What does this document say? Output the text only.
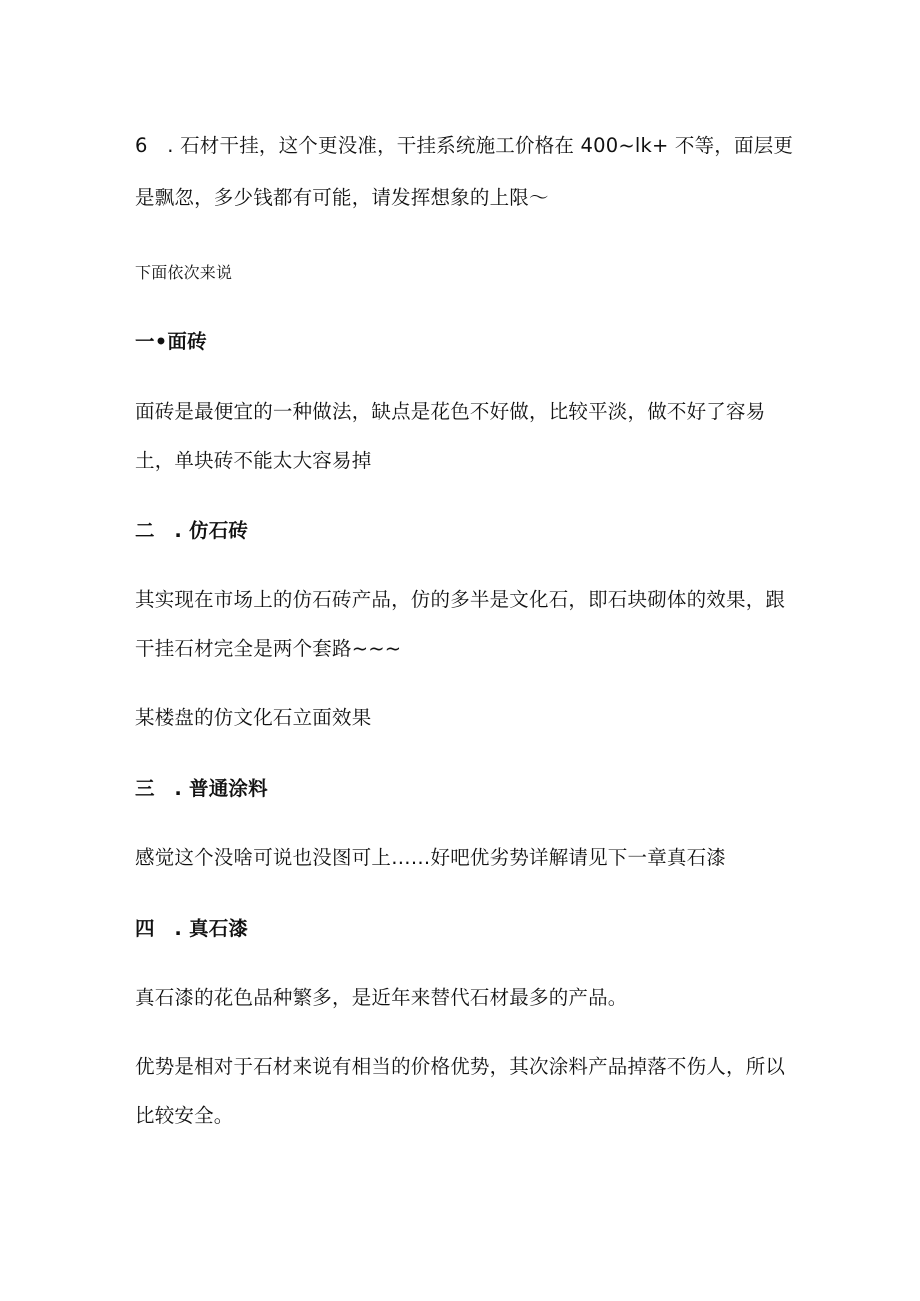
6　. 石材干挂，这个更没准，干挂系统施工价格在 400~lk+ 不等，面层更
是飘忽，多少钱都有可能，请发挥想象的上限～
下面依次来说
一•面砖
面砖是最便宜的一种做法，缺点是花色不好做，比较平淡，做不好了容易
土，单块砖不能太大容易掉
二　. 仿石砖
其实现在市场上的仿石砖产品，仿的多半是文化石，即石块砌体的效果，跟
干挂石材完全是两个套路~~~
某楼盘的仿文化石立面效果
三　. 普通涂料
感觉这个没啥可说也没图可上……好吧优劣势详解请见下一章真石漆
四　. 真石漆
真石漆的花色品种繁多，是近年来替代石材最多的产品。
优势是相对于石材来说有相当的价格优势，其次涂料产品掉落不伤人，所以
比较安全。
